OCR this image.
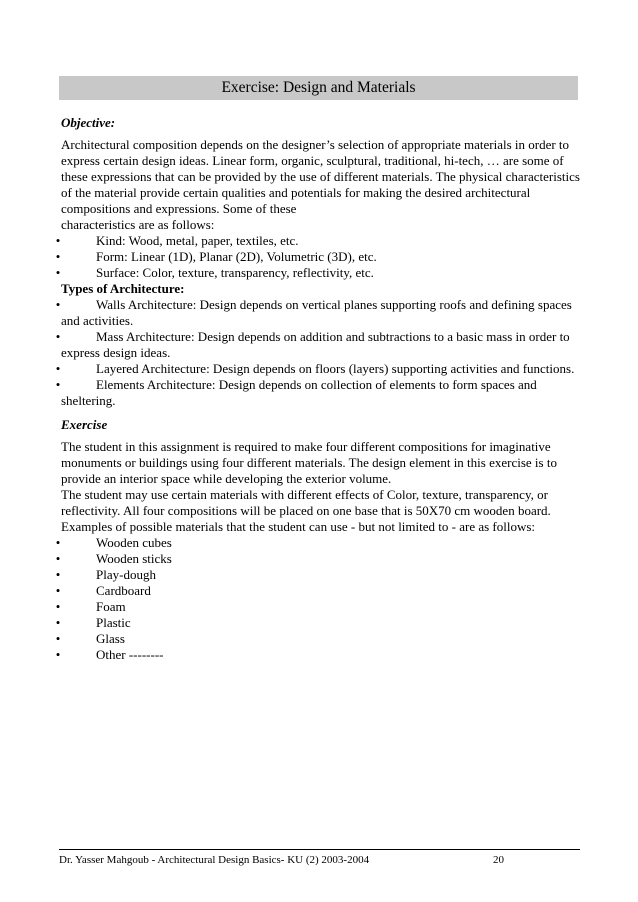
Exercise: Design and Materials

Objective:

Architectural composition depends on the designer’s selection of appropriate materials in order to express certain design ideas. Linear form, organic, sculptural, traditional, hi-tech, … are some of these expressions that can be provided by the use of different materials. The physical characteristics of the material provide certain qualities and potentials for making the desired architectural compositions and expressions. Some of these

characteristics are as follows:

•	Kind: Wood, metal, paper, textiles, etc.
•	Form: Linear (1D), Planar (2D), Volumetric (3D), etc.
•	Surface: Color, texture, transparency, reflectivity, etc.

Types of Architecture:

•	Walls Architecture: Design depends on vertical planes supporting roofs and defining spaces and activities.
•	Mass Architecture: Design depends on addition and subtractions to a basic mass in order to express design ideas.
•	Layered Architecture: Design depends on floors (layers) supporting activities and functions.
•	Elements Architecture: Design depends on collection of elements to form spaces and sheltering.

Exercise

The student in this assignment is required to make four different compositions for imaginative monuments or buildings using four different materials. The design element in this exercise is to provide an interior space while developing the exterior volume.

The student may use certain materials with different effects of Color, texture, transparency, or reflectivity. All four compositions will be placed on one base that is 50X70 cm wooden board.

Examples of possible materials that the student can use - but not limited to - are as follows:

•	Wooden cubes
•	Wooden sticks
•	Play-dough
•	Cardboard
•	Foam
•	Plastic
•	Glass
•	Other --------
Dr. Yasser Mahgoub - Architectural Design Basics- KU (2) 2003-2004	20
